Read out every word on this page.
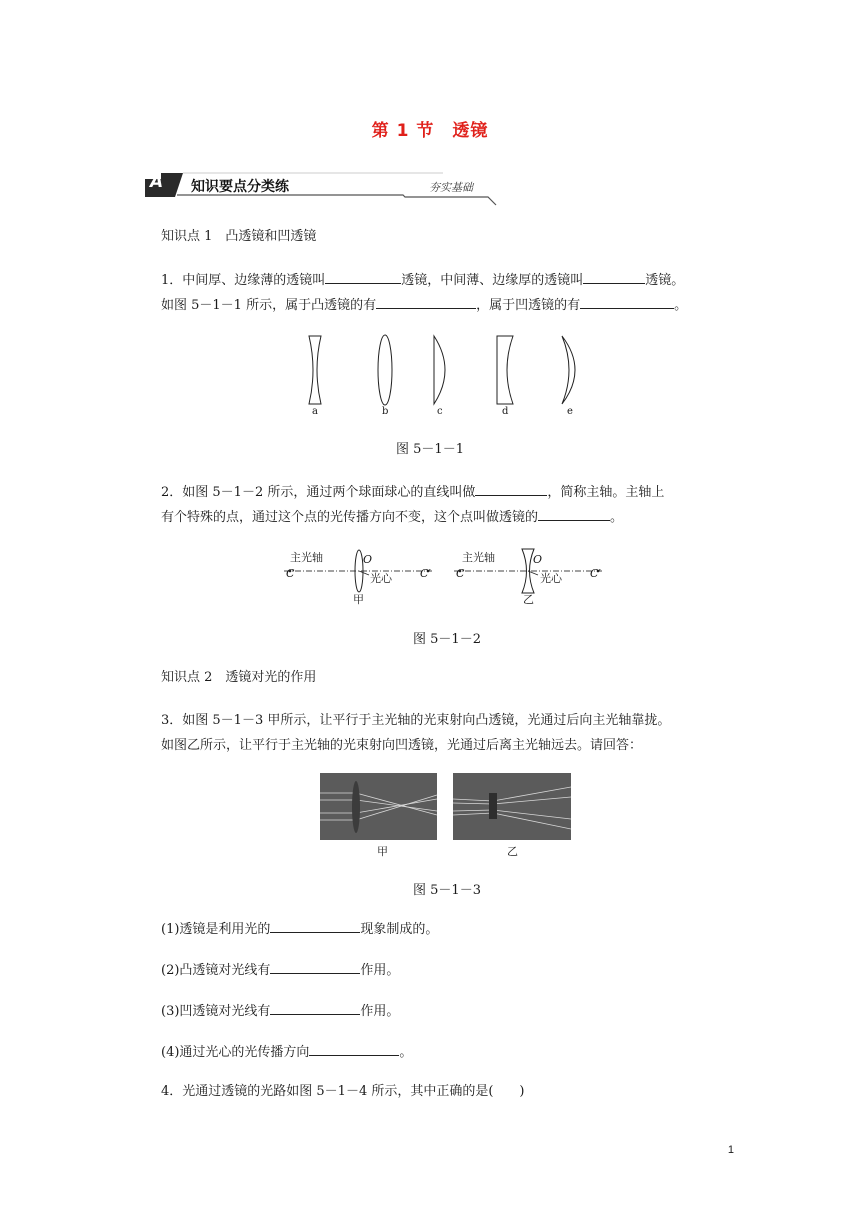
第 1 节　透镜
A 知识要点分类练	夯实基础
知识点 1　凸透镜和凹透镜
1．中间厚、边缘薄的透镜叫	透镜，中间薄、边缘厚的透镜叫	透镜。
如图 5－1－1 所示，属于凸透镜的有	，属于凹透镜的有	。
a	b	c	d	e
图 5－1－1
2．如图 5－1－2 所示，通过两个球面球心的直线叫做	，简称主轴。主轴上
有个特殊的点，通过这个点的光传播方向不变，这个点叫做透镜的	。
主光轴	主光轴
O	O
C	C′ C	C′
光心	光心
甲	乙
图 5－1－2
知识点 2　透镜对光的作用
3．如图 5－1－3 甲所示，让平行于主光轴的光束射向凸透镜，光通过后向主光轴靠拢。
如图乙所示，让平行于主光轴的光束射向凹透镜，光通过后离主光轴远去。请回答：
甲	乙
图 5－1－3
(1)透镜是利用光的	现象制成的。
(2)凸透镜对光线有	作用。
(3)凹透镜对光线有	作用。
(4)通过光心的光传播方向	。
4．光通过透镜的光路如图 5－1－4 所示，其中正确的是(　　)
1
